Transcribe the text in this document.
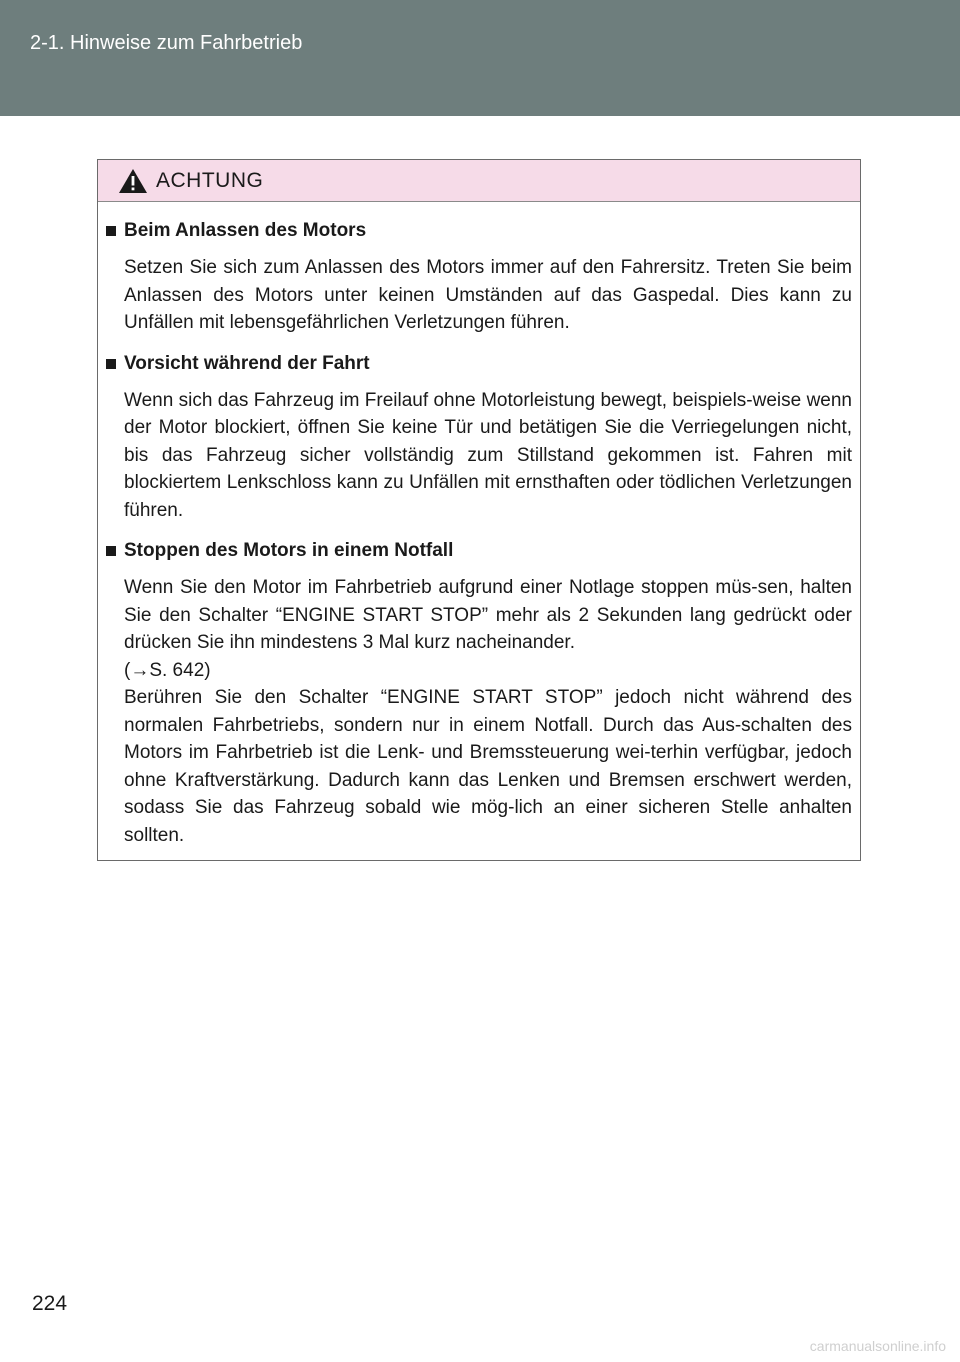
2-1. Hinweise zum Fahrbetrieb
ACHTUNG
Beim Anlassen des Motors

Setzen Sie sich zum Anlassen des Motors immer auf den Fahrersitz. Treten Sie beim Anlassen des Motors unter keinen Umständen auf das Gaspedal. Dies kann zu Unfällen mit lebensgefährlichen Verletzungen führen.

Vorsicht während der Fahrt

Wenn sich das Fahrzeug im Freilauf ohne Motorleistung bewegt, beispiels-weise wenn der Motor blockiert, öffnen Sie keine Tür und betätigen Sie die Verriegelungen nicht, bis das Fahrzeug sicher vollständig zum Stillstand gekommen ist. Fahren mit blockiertem Lenkschloss kann zu Unfällen mit ernsthaften oder tödlichen Verletzungen führen.

Stoppen des Motors in einem Notfall
Wenn Sie den Motor im Fahrbetrieb aufgrund einer Notlage stoppen müs-sen, halten Sie den Schalter “ENGINE START STOP” mehr als 2 Sekunden lang gedrückt oder drücken Sie ihn mindestens 3 Mal kurz nacheinander.
(→S. 642)
Berühren Sie den Schalter “ENGINE START STOP” jedoch nicht während des normalen Fahrbetriebs, sondern nur in einem Notfall. Durch das Aus-schalten des Motors im Fahrbetrieb ist die Lenk- und Bremssteuerung wei-terhin verfügbar, jedoch ohne Kraftverstärkung. Dadurch kann das Lenken und Bremsen erschwert werden, sodass Sie das Fahrzeug sobald wie mög-lich an einer sicheren Stelle anhalten sollten.
224
carmanualsonline.info
